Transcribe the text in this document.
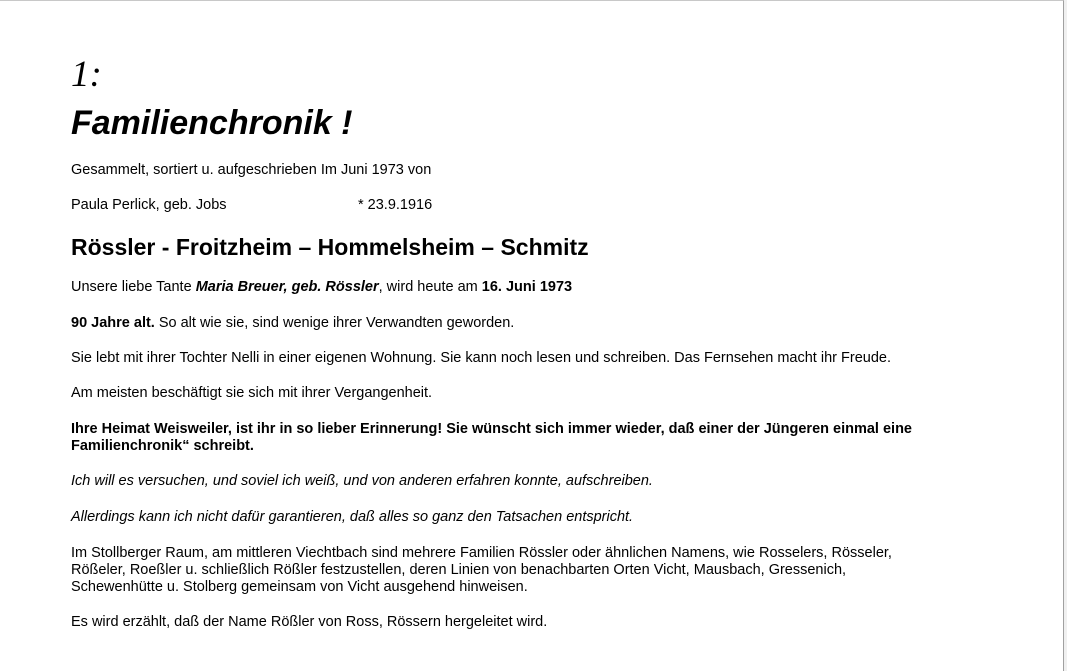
1:
Familienchronik !
Gesammelt, sortiert u. aufgeschrieben Im Juni 1973 von
Paula Perlick, geb. Jobs	* 23.9.1916
Rössler - Froitzheim – Hommelsheim – Schmitz
Unsere liebe Tante Maria Breuer, geb. Rössler, wird heute am 16. Juni 1973
90 Jahre alt. So alt wie sie, sind wenige ihrer Verwandten geworden.
Sie lebt mit ihrer Tochter Nelli in einer eigenen Wohnung. Sie kann noch lesen und schreiben. Das Fernsehen macht ihr Freude.
Am meisten beschäftigt sie sich mit ihrer Vergangenheit.
Ihre Heimat Weisweiler, ist ihr in so lieber Erinnerung! Sie wünscht sich immer wieder, daß einer der Jüngeren einmal eine
Familienchronik“ schreibt.
Ich will es versuchen, und soviel ich weiß, und von anderen erfahren konnte, aufschreiben.
Allerdings kann ich nicht dafür garantieren, daß alles so ganz den Tatsachen entspricht.
Im Stollberger Raum, am mittleren Viechtbach sind mehrere Familien Rössler oder ähnlichen Namens, wie Rosselers, Rösseler,
Rößeler, Roeßler u. schließlich Rößler festzustellen, deren Linien von benachbarten Orten Vicht, Mausbach, Gressenich,
Schewenhütte u. Stolberg gemeinsam von Vicht ausgehend hinweisen.
Es wird erzählt, daß der Name Rößler von Ross, Rössern hergeleitet wird.
